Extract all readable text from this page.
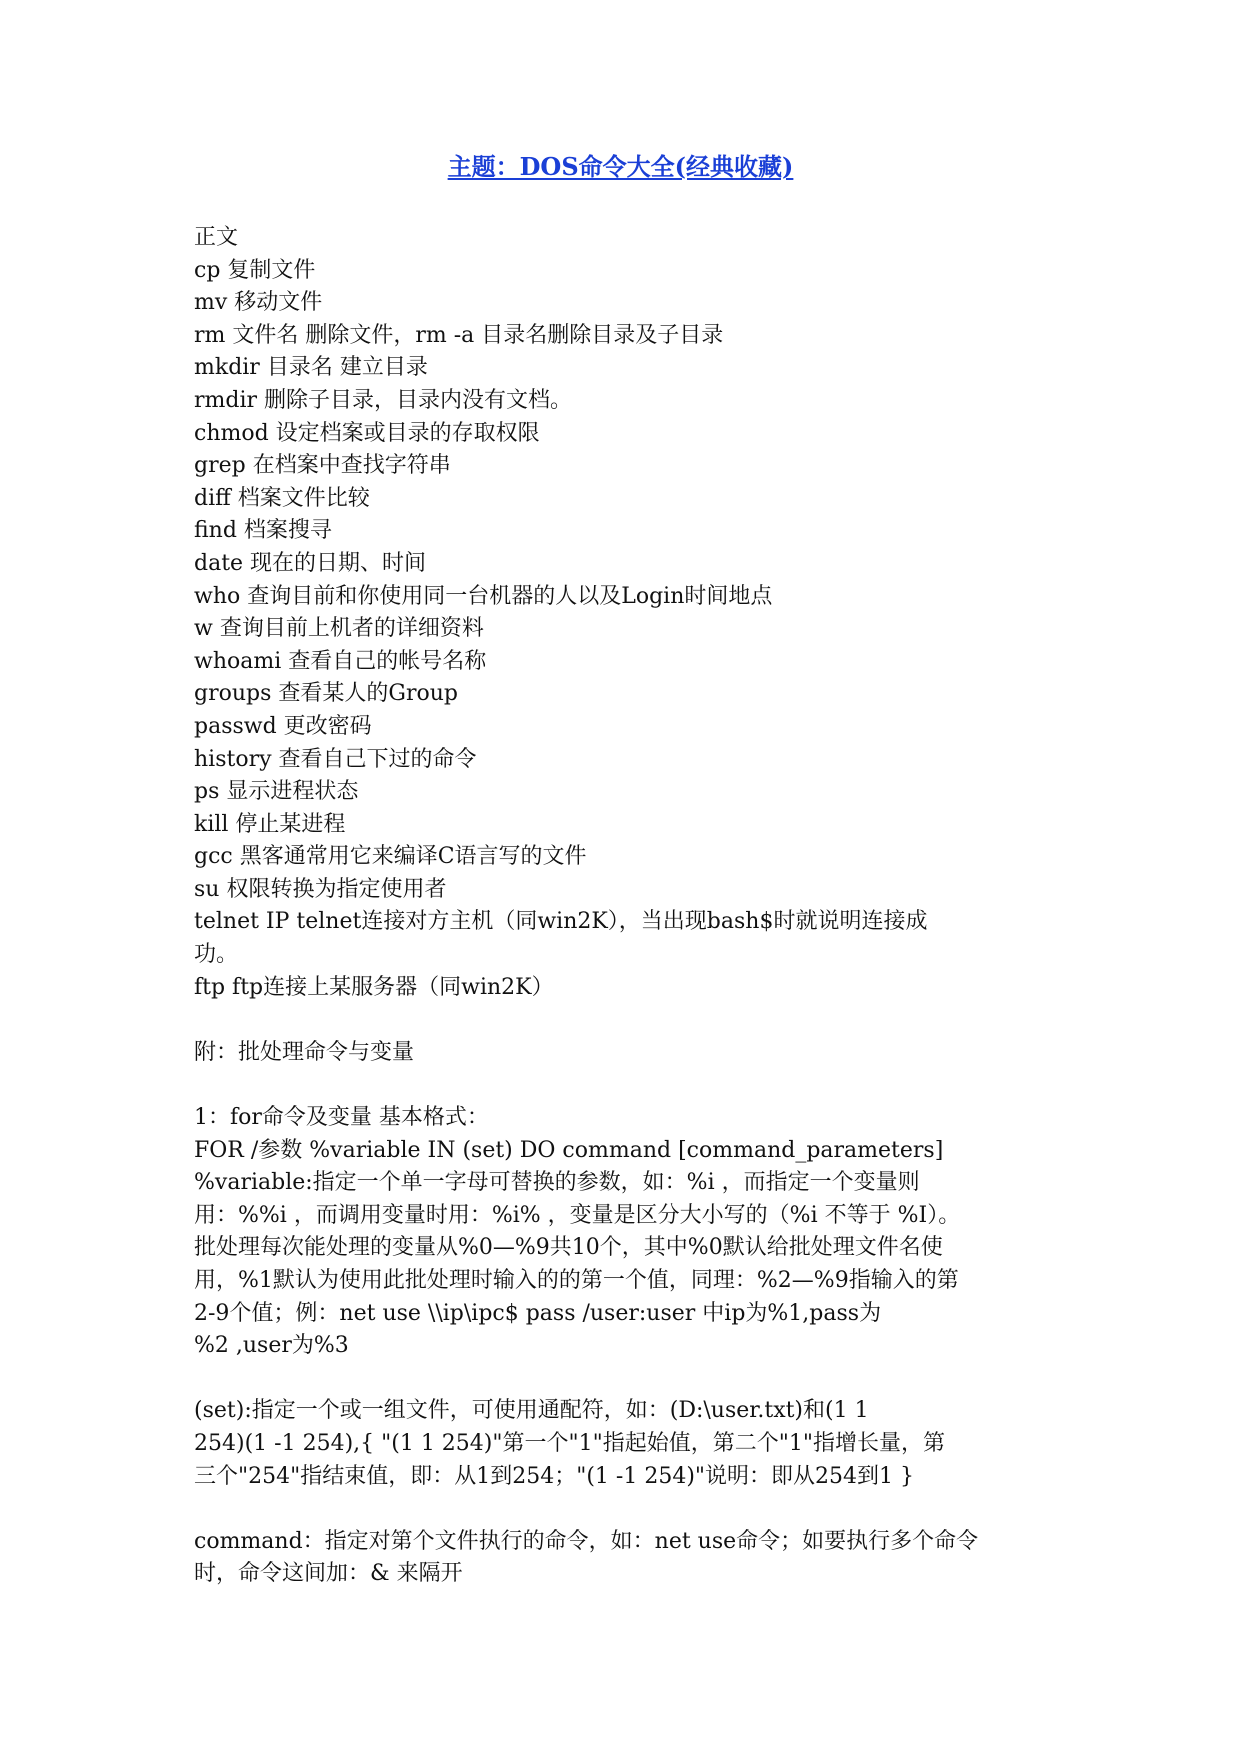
主题：DOS命令大全(经典收藏)
正文
cp 复制文件
mv 移动文件
rm 文件名 删除文件，rm -a 目录名删除目录及子目录
mkdir 目录名 建立目录
rmdir 删除子目录，目录内没有文档。
chmod 设定档案或目录的存取权限
grep 在档案中查找字符串
diff 档案文件比较
find 档案搜寻
date 现在的日期、时间
who 查询目前和你使用同一台机器的人以及Login时间地点
w 查询目前上机者的详细资料
whoami 查看自己的帐号名称
groups 查看某人的Group
passwd 更改密码
history 查看自己下过的命令
ps 显示进程状态
kill 停止某进程
gcc 黑客通常用它来编译C语言写的文件
su 权限转换为指定使用者
telnet IP telnet连接对方主机（同win2K），当出现bash$时就说明连接成
功。
ftp ftp连接上某服务器（同win2K）
附：批处理命令与变量
1：for命令及变量 基本格式：
FOR /参数 %variable IN (set) DO command [command_parameters]
%variable:指定一个单一字母可替换的参数，如：%i ，而指定一个变量则
用：%%i ，而调用变量时用：%i% ，变量是区分大小写的（%i 不等于 %I）。
批处理每次能处理的变量从%0—%9共10个，其中%0默认给批处理文件名使
用，%1默认为使用此批处理时输入的的第一个值，同理：%2—%9指输入的第
2-9个值；例：net use \\ip\ipc$ pass /user:user 中ip为%1,pass为
%2 ,user为%3
(set):指定一个或一组文件，可使用通配符，如：(D:\user.txt)和(1 1
254)(1 -1 254),{ "(1 1 254)"第一个"1"指起始值，第二个"1"指增长量，第
三个"254"指结束值，即：从1到254；"(1 -1 254)"说明：即从254到1 }
command：指定对第个文件执行的命令，如：net use命令；如要执行多个命令
时，命令这间加：& 来隔开
